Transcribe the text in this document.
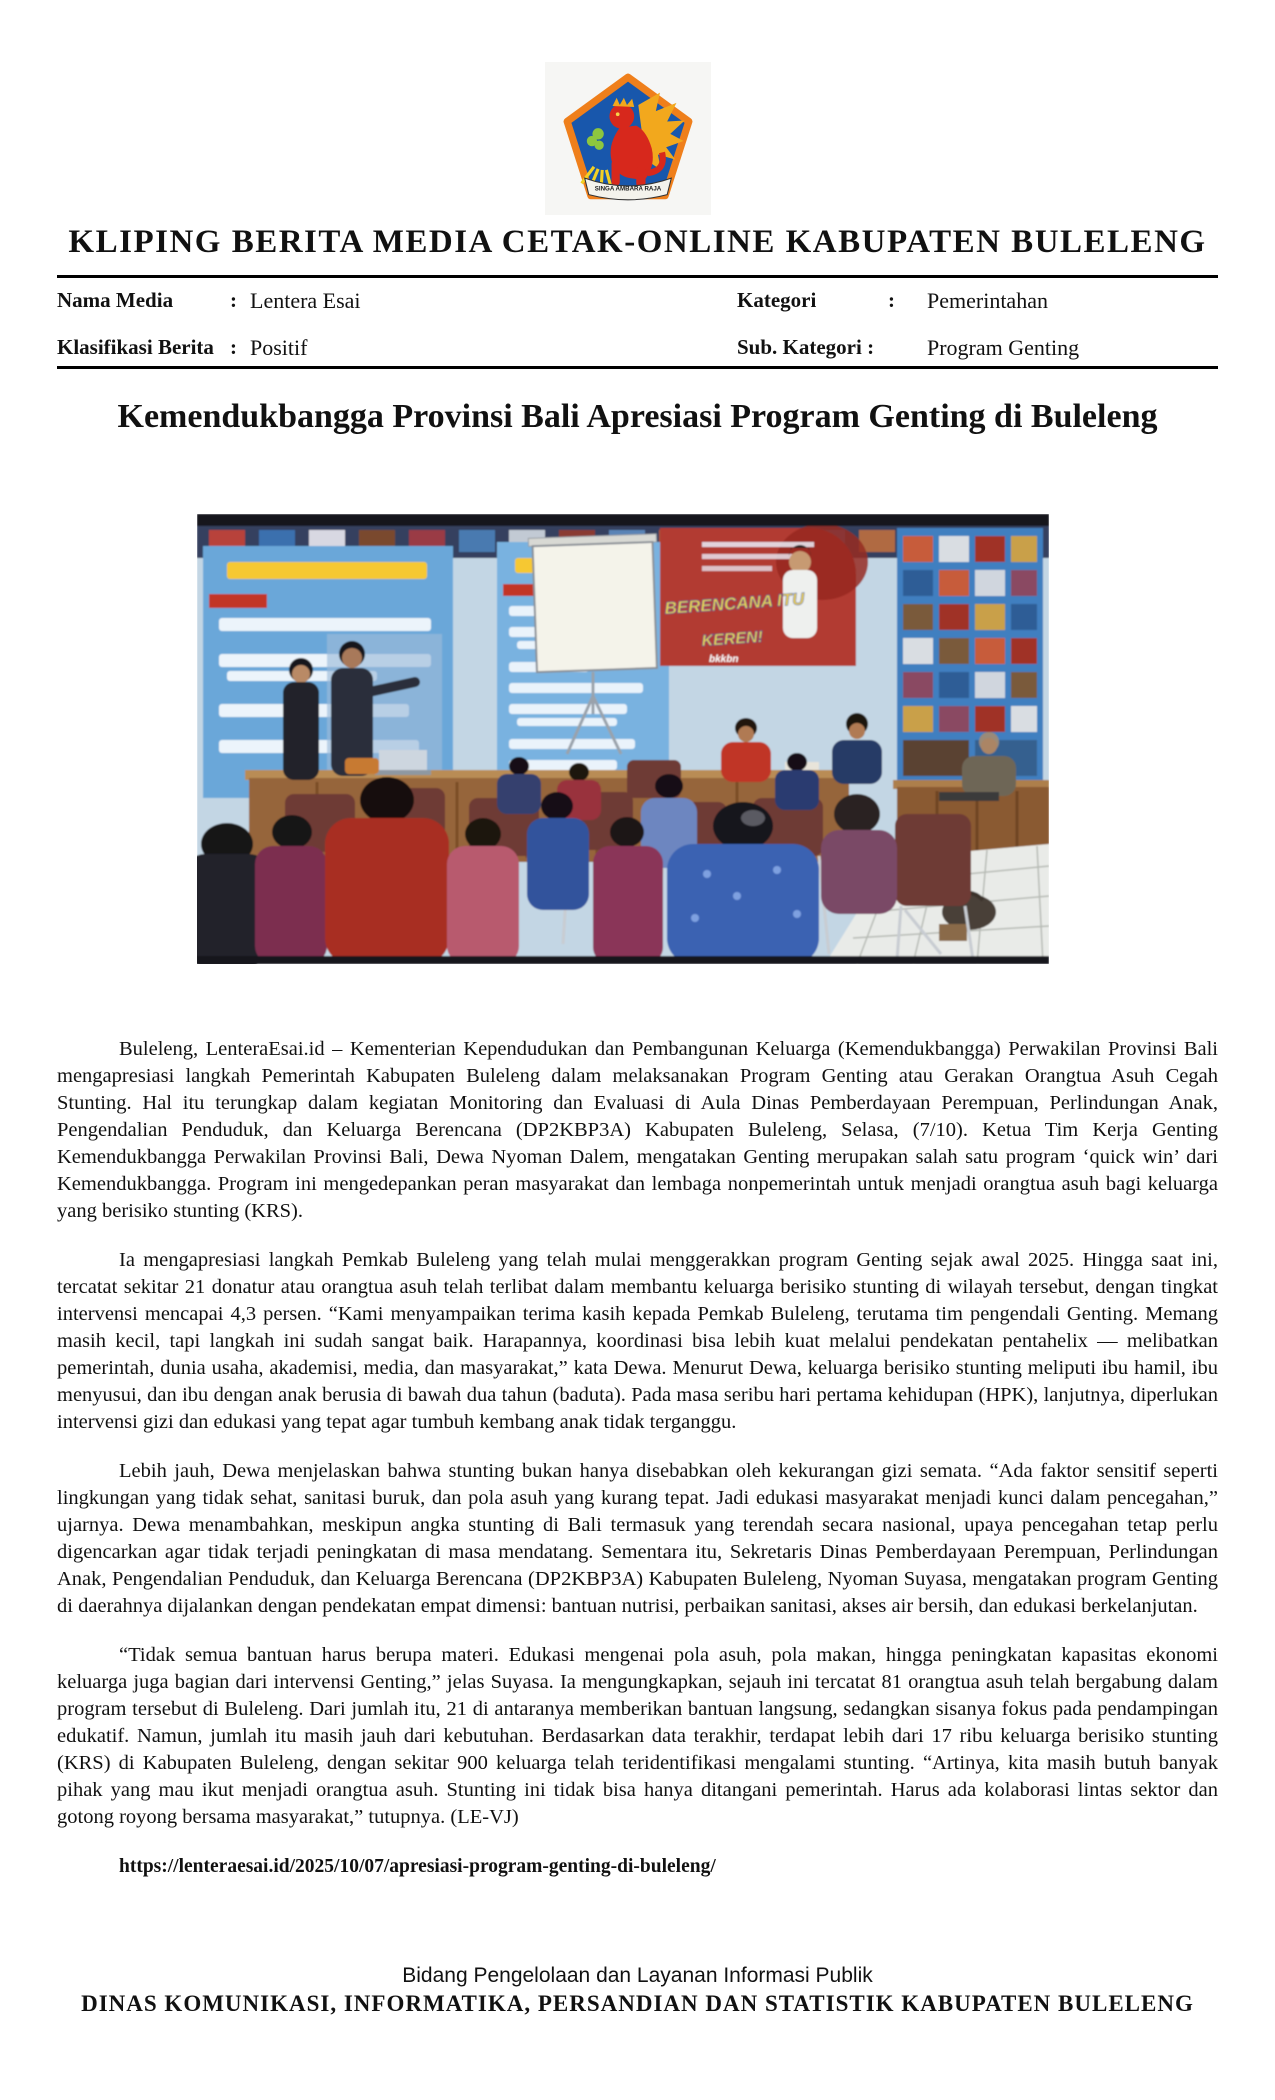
SINGA AMBARA RAJA
KLIPING BERITA MEDIA CETAK-ONLINE KABUPATEN BULELENG
Nama Media	: Lentera Esai	Kategori	: Pemerintahan
Klasifikasi Berita : Positif	Sub. Kategori : Program Genting
Kemendukbangga Provinsi Bali Apresiasi Program Genting di Buleleng
BERENCANA ITU
KEREN!
bkkbn

Buleleng, LenteraEsai.id – Kementerian Kependudukan dan Pembangunan Keluarga (Kemendukbangga) Perwakilan Provinsi Bali mengapresiasi langkah Pemerintah Kabupaten Buleleng dalam melaksanakan Program Genting atau Gerakan Orangtua Asuh Cegah Stunting. Hal itu terungkap dalam kegiatan Monitoring dan Evaluasi di Aula Dinas Pemberdayaan Perempuan, Perlindungan Anak, Pengendalian Penduduk, dan Keluarga Berencana (DP2KBP3A) Kabupaten Buleleng, Selasa, (7/10). Ketua Tim Kerja Genting Kemendukbangga Perwakilan Provinsi Bali, Dewa Nyoman Dalem, mengatakan Genting merupakan salah satu program ‘quick win’ dari Kemendukbangga. Program ini mengedepankan peran masyarakat dan lembaga nonpemerintah untuk menjadi orangtua asuh bagi keluarga yang berisiko stunting (KRS).

Ia mengapresiasi langkah Pemkab Buleleng yang telah mulai menggerakkan program Genting sejak awal 2025. Hingga saat ini, tercatat sekitar 21 donatur atau orangtua asuh telah terlibat dalam membantu keluarga berisiko stunting di wilayah tersebut, dengan tingkat intervensi mencapai 4,3 persen. “Kami menyampaikan terima kasih kepada Pemkab Buleleng, terutama tim pengendali Genting. Memang masih kecil, tapi langkah ini sudah sangat baik. Harapannya, koordinasi bisa lebih kuat melalui pendekatan pentahelix — melibatkan pemerintah, dunia usaha, akademisi, media, dan masyarakat,” kata Dewa. Menurut Dewa, keluarga berisiko stunting meliputi ibu hamil, ibu menyusui, dan ibu dengan anak berusia di bawah dua tahun (baduta). Pada masa seribu hari pertama kehidupan (HPK), lanjutnya, diperlukan intervensi gizi dan edukasi yang tepat agar tumbuh kembang anak tidak terganggu.

Lebih jauh, Dewa menjelaskan bahwa stunting bukan hanya disebabkan oleh kekurangan gizi semata. “Ada faktor sensitif seperti lingkungan yang tidak sehat, sanitasi buruk, dan pola asuh yang kurang tepat. Jadi edukasi masyarakat menjadi kunci dalam pencegahan,” ujarnya. Dewa menambahkan, meskipun angka stunting di Bali termasuk yang terendah secara nasional, upaya pencegahan tetap perlu digencarkan agar tidak terjadi peningkatan di masa mendatang. Sementara itu, Sekretaris Dinas Pemberdayaan Perempuan, Perlindungan Anak, Pengendalian Penduduk, dan Keluarga Berencana (DP2KBP3A) Kabupaten Buleleng, Nyoman Suyasa, mengatakan program Genting di daerahnya dijalankan dengan pendekatan empat dimensi: bantuan nutrisi, perbaikan sanitasi, akses air bersih, dan edukasi berkelanjutan.

“Tidak semua bantuan harus berupa materi. Edukasi mengenai pola asuh, pola makan, hingga peningkatan kapasitas ekonomi keluarga juga bagian dari intervensi Genting,” jelas Suyasa. Ia mengungkapkan, sejauh ini tercatat 81 orangtua asuh telah bergabung dalam program tersebut di Buleleng. Dari jumlah itu, 21 di antaranya memberikan bantuan langsung, sedangkan sisanya fokus pada pendampingan edukatif. Namun, jumlah itu masih jauh dari kebutuhan. Berdasarkan data terakhir, terdapat lebih dari 17 ribu keluarga berisiko stunting (KRS) di Kabupaten Buleleng, dengan sekitar 900 keluarga telah teridentifikasi mengalami stunting. “Artinya, kita masih butuh banyak pihak yang mau ikut menjadi orangtua asuh. Stunting ini tidak bisa hanya ditangani pemerintah. Harus ada kolaborasi lintas sektor dan gotong royong bersama masyarakat,” tutupnya. (LE-VJ)

https://lenteraesai.id/2025/10/07/apresiasi-program-genting-di-buleleng/

Bidang Pengelolaan dan Layanan Informasi Publik
DINAS KOMUNIKASI, INFORMATIKA, PERSANDIAN DAN STATISTIK KABUPATEN BULELENG
